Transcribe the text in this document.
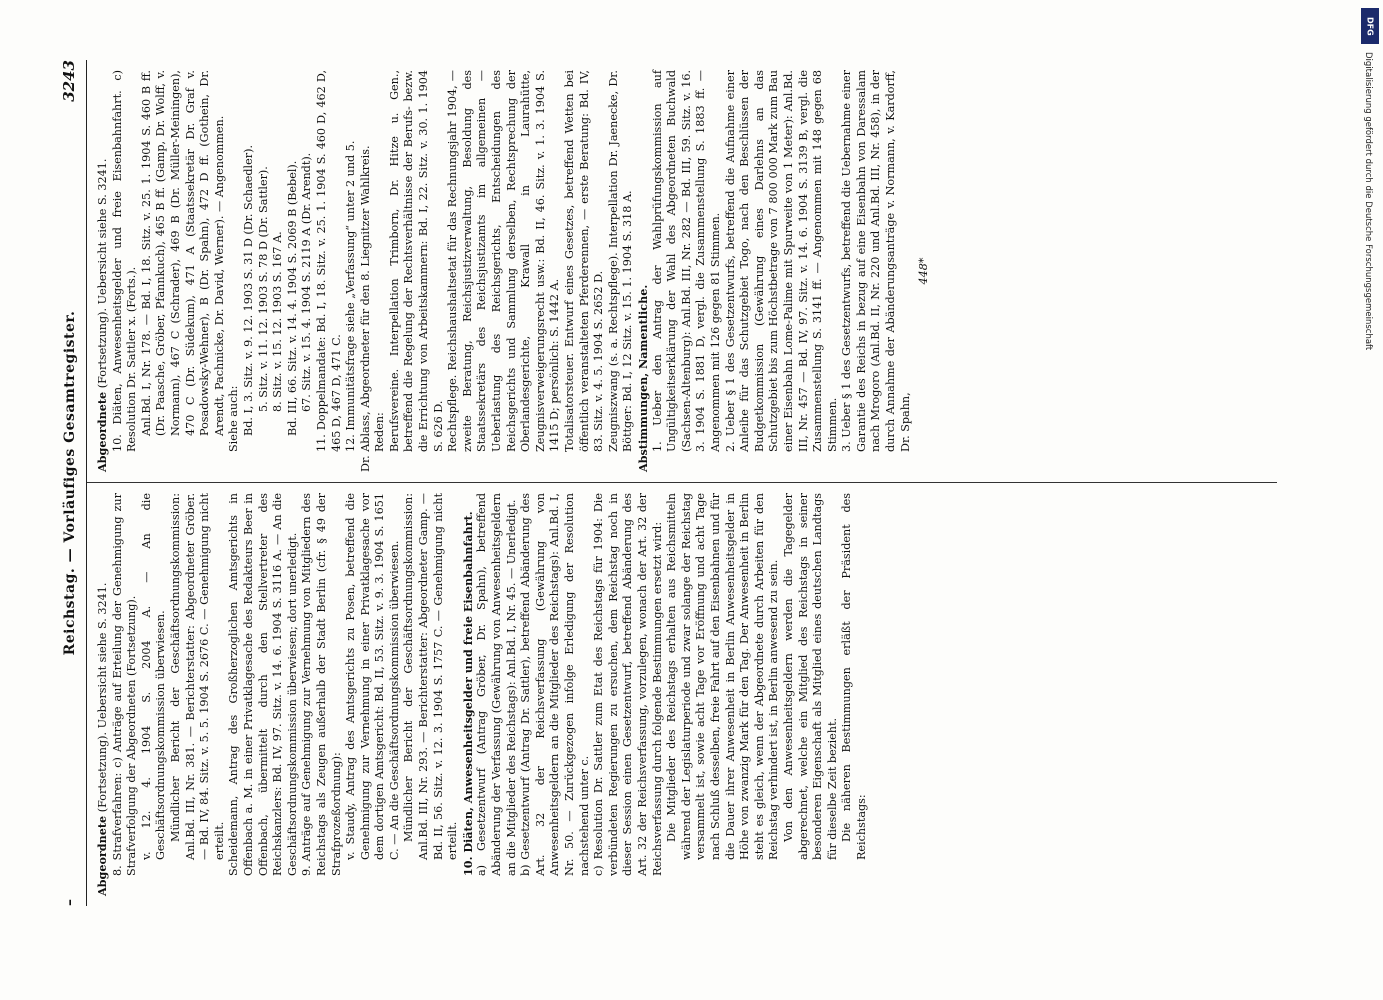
–
Reichstag. — Vorläufiges Gesamtregister.
3243

Abgeordnete (Fortsetzung). Uebersicht siehe S. 3241. 8. Strafverfahren: c) Anträge auf Erteilung der Genehmigung zur Strafverfolgung der Abgeordneten (Fortsetzung). v. 12. 4. 1904 S. 2004 A. — An die Geschäftsordnungskommission überwiesen. Mündlicher Bericht der Geschäftsordnungskommission: Anl.Bd. III, Nr. 381. — Berichterstatter: Abgeordneter Gröber. — Bd. IV, 84. Sitz. v. 5. 5. 1904 S. 2676 C. — Genehmigung nicht erteilt. Scheidemann, Antrag des Großherzoglichen Amtsgerichts in Offenbach a. M. in einer Privatklagesache des Redakteurs Beer in Offenbach, übermittelt durch den Stellvertreter des Reichskanzlers: Bd. IV, 97. Sitz. v. 14. 6. 1904 S. 3116 A. — An die Geschäftsordnungskommission überwiesen; dort unerledigt. 9. Anträge auf Genehmigung zur Vernehmung von Mitgliedern des Reichstags als Zeugen außerhalb der Stadt Berlin (cfr. § 49 der Strafprozeßordnung): v. Staudy, Antrag des Amtsgerichts zu Posen, betreffend die Genehmigung zur Vernehmung in einer Privatklagesache vor dem dortigen Amtsgericht: Bd. II, 53. Sitz. v. 9. 3. 1904 S. 1651 C. — An die Geschäftsordnungskommission überwiesen. Mündlicher Bericht der Geschäftsordnungskommission: Anl.Bd. III, Nr. 293. — Berichterstatter: Abgeordneter Gamp. — Bd. II, 56. Sitz. v. 12. 3. 1904 S. 1757 C. — Genehmigung nicht erteilt. 10. Diäten, Anwesenheitsgelder und freie Eisenbahnfahrt. a) Gesetzentwurf (Antrag Gröber, Dr. Spahn), betreffend Abänderung der Verfassung (Gewährung von Anwesenheitsgeldern an die Mitglieder des Reichstags): Anl.Bd. I, Nr. 45. — Unerledigt. b) Gesetzentwurf (Antrag Dr. Sattler), betreffend Abänderung des Art. 32 der Reichsverfassung (Gewährung von Anwesenheitsgeldern an die Mitglieder des Reichstags): Anl.Bd. I, Nr. 50. — Zurückgezogen infolge Erledigung der Resolution nachstehend unter c. c) Resolution Dr. Sattler zum Etat des Reichstags für 1904: Die verbündeten Regierungen zu ersuchen, dem Reichstag noch in dieser Session einen Gesetzentwurf, betreffend Abänderung des Art. 32 der Reichsverfassung, vorzulegen, wonach der Art. 32 der Reichsverfassung durch folgende Bestimmungen ersetzt wird: Die Mitglieder des Reichstags erhalten aus Reichsmitteln während der Legislaturperiode und zwar solange der Reichstag versammelt ist, sowie acht Tage vor Eröffnung und acht Tage nach Schluß desselben, freie Fahrt auf den Eisenbahnen und für die Dauer ihrer Anwesenheit in Berlin Anwesenheitsgelder in Höhe von zwanzig Mark für den Tag. Der Anwesenheit in Berlin steht es gleich, wenn der Abgeordnete durch Arbeiten für den Reichstag verhindert ist, in Berlin anwesend zu sein. Von den Anwesenheitsgeldern werden die Tagegelder abgerechnet, welche ein Mitglied des Reichstags in seiner besonderen Eigenschaft als Mitglied eines deutschen Landtags für dieselbe Zeit bezieht. Die näheren Bestimmungen erläßt der Präsident des Reichstags:

Abgeordnete (Fortsetzung). Uebersicht siehe S. 3241. 10. Diäten, Anwesenheitsgelder und freie Eisenbahnfahrt. c) Resolution Dr. Sattler x. (Forts.). Anl.Bd. I, Nr. 178. — Bd. I, 18. Sitz. v. 25. 1. 1904 S. 460 B ff. (Dr. Paasche, Gröber, Pfannkuch), 465 B ff. (Gamp, Dr. Wolff, v. Normann), 467 C (Schrader), 469 B (Dr. Müller-Meiningen), 470 C (Dr. Südekum), 471 A (Staatssekretär Dr. Graf v. Posadowsky-Wehner), B (Dr. Spahn), 472 D ff. (Gothein, Dr. Arendt, Pachnicke, Dr. David, Werner). — Angenommen. Siehe auch: Bd. I, 3. Sitz. v. 9. 12. 1903 S. 31 D (Dr. Schaedler). 5. Sitz. v. 11. 12. 1903 S. 78 D (Dr. Sattler). 8. Sitz. v. 15. 12. 1903 S. 167 A. Bd. III, 66. Sitz. v. 14. 4. 1904 S. 2069 B (Bebel). 67. Sitz. v. 15. 4. 1904 S. 2119 A (Dr. Arendt). 11. Doppelmandate: Bd. I, 18. Sitz. v. 25. 1. 1904 S. 460 D, 462 D, 465 D, 467 D, 471 C. 12. Immunitätsfrage siehe „Verfassung“ unter 2 und 5. Dr. Ablass, Abgeordneter für den 8. Liegnitzer Wahlkreis. Reden: Berufsvereine. Interpellation Trimborn, Dr. Hitze u. Gen., betreffend die Regelung der Rechtsverhältnisse der Berufs- bezw. die Errichtung von Arbeitskammern: Bd. I, 22. Sitz. v. 30. 1. 1904 S. 626 D. Rechtspflege. Reichshaushaltsetat für das Rechnungsjahr 1904, — zweite Beratung, Reichsjustizverwaltung, Besoldung des Staatssekretärs des Reichsjustizamts im allgemeinen — Ueberlastung des Reichsgerichts, Entscheidungen des Reichsgerichts und Sammlung derselben, Rechtsprechung der Oberlandesgerichte, Krawall in Laurahütte, Zeugnisverweigerungsrecht usw.: Bd. II, 46. Sitz. v. 1. 3. 1904 S. 1415 D; persönlich: S. 1442 A. Totalisatorsteuer. Entwurf eines Gesetzes, betreffend Wetten bei öffentlich veranstalteten Pferderennen, — erste Beratung: Bd. IV, 83. Sitz. v. 4. 5. 1904 S. 2652 D. Zeugniszwang (s. a. Rechtspflege). Interpellation Dr. Jaenecke, Dr. Böttger: Bd. I, 12 Sitz. v. 15. 1. 1904 S. 318 A. Abstimmungen, Namentliche. 1. Ueber den Antrag der Wahlprüfungskommission auf Ungültigkeitserklärung der Wahl des Abgeordneten Buchwald (Sachsen-Altenburg): Anl.Bd. III, Nr. 282 — Bd. III, 59. Sitz. v. 16. 3. 1904 S. 1881 D, vergl. die Zusammenstellung S. 1883 ff. — Angenommen mit 126 gegen 81 Stimmen. 2. Ueber § 1 des Gesetzentwurfs, betreffend die Aufnahme einer Anleihe für das Schutzgebiet Togo, nach den Beschlüssen der Budgetkommission (Gewährung eines Darlehns an das Schutzgebiet bis zum Höchstbetrage von 7 800 000 Mark zum Bau einer Eisenbahn Lome-Palime mit Spurweite von 1 Meter): Anl.Bd. III, Nr. 457 — Bd. IV, 97. Sitz. v. 14. 6. 1904 S. 3139 B, vergl. die Zusammenstellung S. 3141 ff. — Angenommen mit 148 gegen 68 Stimmen. 3. Ueber § 1 des Gesetzentwurfs, betreffend die Uebernahme einer Garantie des Reichs in bezug auf eine Eisenbahn von Daressalam nach Mrogoro (Anl.Bd. II, Nr. 220 und Anl.Bd. III, Nr. 458), in der durch Annahme der Abänderungsanträge v. Normann, v. Kardorff, Dr. Spahn,

448*

DFG
Digitalisierung gefördert durch die Deutsche Forschungsgemeinschaft
